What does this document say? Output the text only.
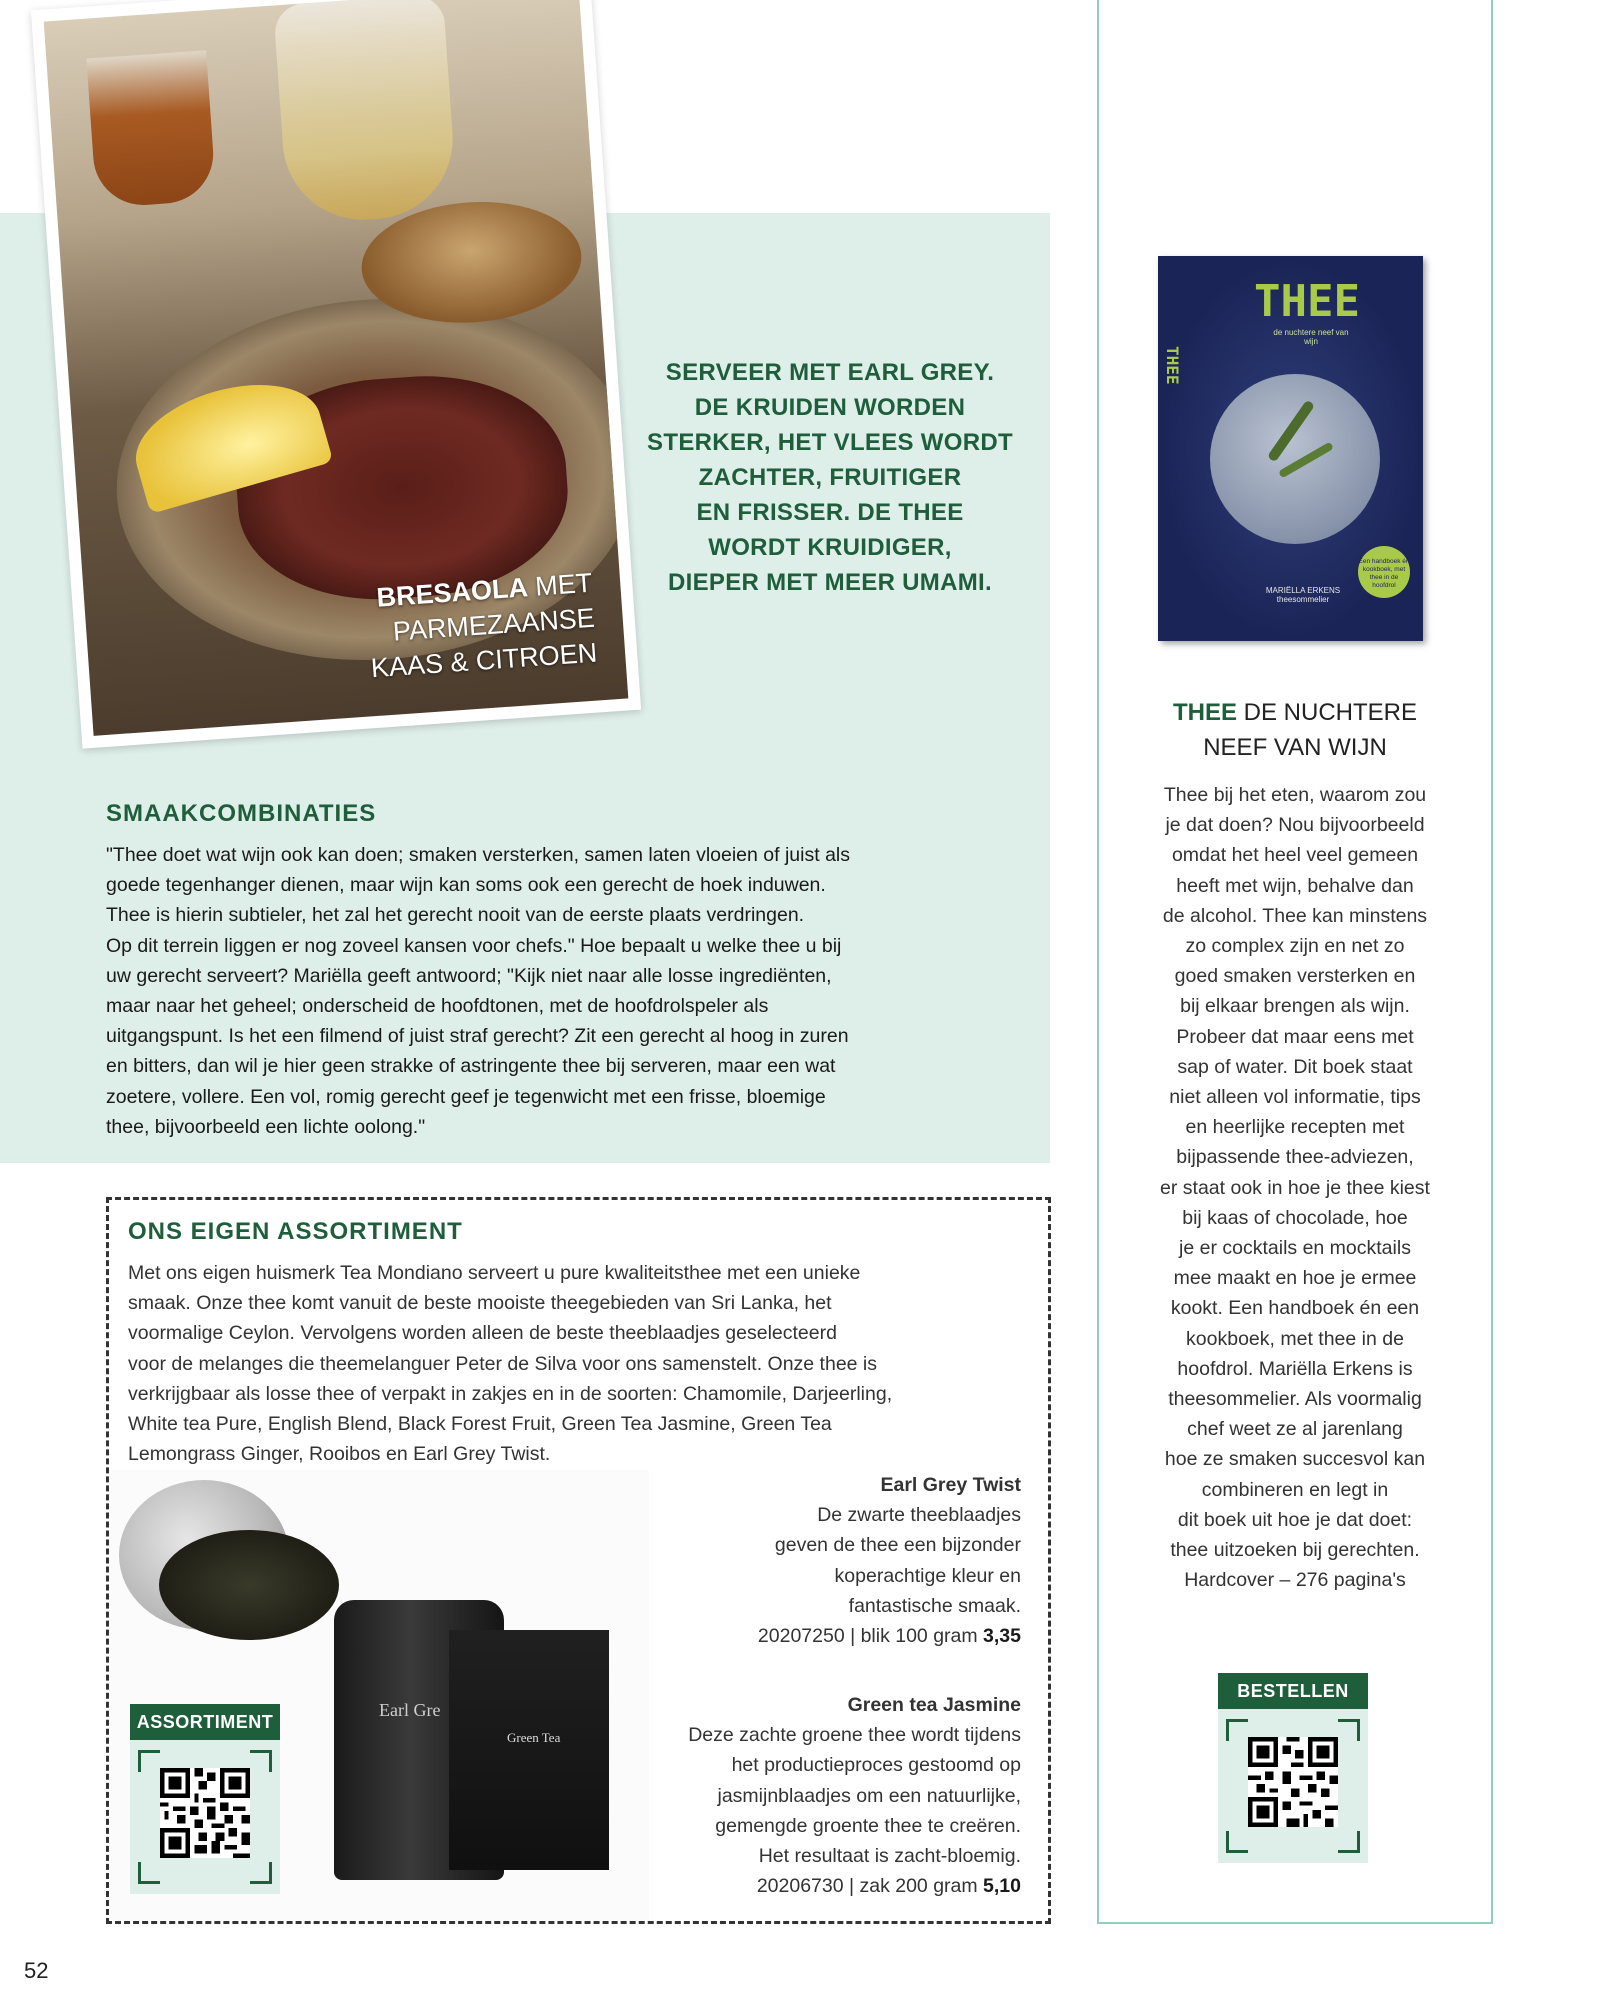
BRESAOLA MET
PARMEZAANSE
KAAS & CITROEN
SERVEER MET EARL GREY.
DE KRUIDEN WORDEN
STERKER, HET VLEES WORDT
ZACHTER, FRUITIGER
EN FRISSER. DE THEE
WORDT KRUIDIGER,
DIEPER MET MEER UMAMI.
SMAAKCOMBINATIES
"Thee doet wat wijn ook kan doen; smaken versterken, samen laten vloeien of juist als
goede tegenhanger dienen, maar wijn kan soms ook een gerecht de hoek induwen.
Thee is hierin subtieler, het zal het gerecht nooit van de eerste plaats verdringen.
Op dit terrein liggen er nog zoveel kansen voor chefs." Hoe bepaalt u welke thee u bij
uw gerecht serveert? Mariëlla geeft antwoord; "Kijk niet naar alle losse ingrediënten,
maar naar het geheel; onderscheid de hoofdtonen, met de hoofdrolspeler als
uitgangspunt. Is het een filmend of juist straf gerecht? Zit een gerecht al hoog in zuren
en bitters, dan wil je hier geen strakke of astringente thee bij serveren, maar een wat
zoetere, vollere. Een vol, romig gerecht geef je tegenwicht met een frisse, bloemige
thee, bijvoorbeeld een lichte oolong."
ONS EIGEN ASSORTIMENT
Met ons eigen huismerk Tea Mondiano serveert u pure kwaliteitsthee met een unieke
smaak. Onze thee komt vanuit de beste mooiste theegebieden van Sri Lanka, het
voormalige Ceylon. Vervolgens worden alleen de beste theeblaadjes geselecteerd
voor de melanges die theemelanguer Peter de Silva voor ons samenstelt. Onze thee is
verkrijgbaar als losse thee of verpakt in zakjes en in de soorten: Chamomile, Darjeerling,
White tea Pure, English Blend, Black Forest Fruit, Green Tea Jasmine, Green Tea
Lemongrass Ginger, Rooibos en Earl Grey Twist.
Earl Gre
Green Tea
ASSORTIMENT
Earl Grey Twist
De zwarte theeblaadjes
geven de thee een bijzonder
koperachtige kleur en
fantastische smaak.
20207250 | blik 100 gram 3,35
Green tea Jasmine
Deze zachte groene thee wordt tijdens
het productieproces gestoomd op
jasmijnblaadjes om een natuurlijke,
gemengde groente thee te creëren.
Het resultaat is zacht-bloemig.
20206730 | zak 200 gram 5,10
THEE
THEE
de nuchtere neef van wijn
Een handboek én kookboek, met thee in de hoofdrol
MARIËLLA ERKENS
theesommelier
THEE DE NUCHTERE
NEEF VAN WIJN
Thee bij het eten, waarom zou
je dat doen? Nou bijvoorbeeld
omdat het heel veel gemeen
heeft met wijn, behalve dan
de alcohol. Thee kan minstens
zo complex zijn en net zo
goed smaken versterken en
bij elkaar brengen als wijn.
Probeer dat maar eens met
sap of water. Dit boek staat
niet alleen vol informatie, tips
en heerlijke recepten met
bijpassende thee-adviezen,
er staat ook in hoe je thee kiest
bij kaas of chocolade, hoe
je er cocktails en mocktails
mee maakt en hoe je ermee
kookt. Een handboek én een
kookboek, met thee in de
hoofdrol. Mariëlla Erkens is
theesommelier. Als voormalig
chef weet ze al jarenlang
hoe ze smaken succesvol kan
combineren en legt in
dit boek uit hoe je dat doet:
thee uitzoeken bij gerechten.
Hardcover – 276 pagina's
BESTELLEN
52
